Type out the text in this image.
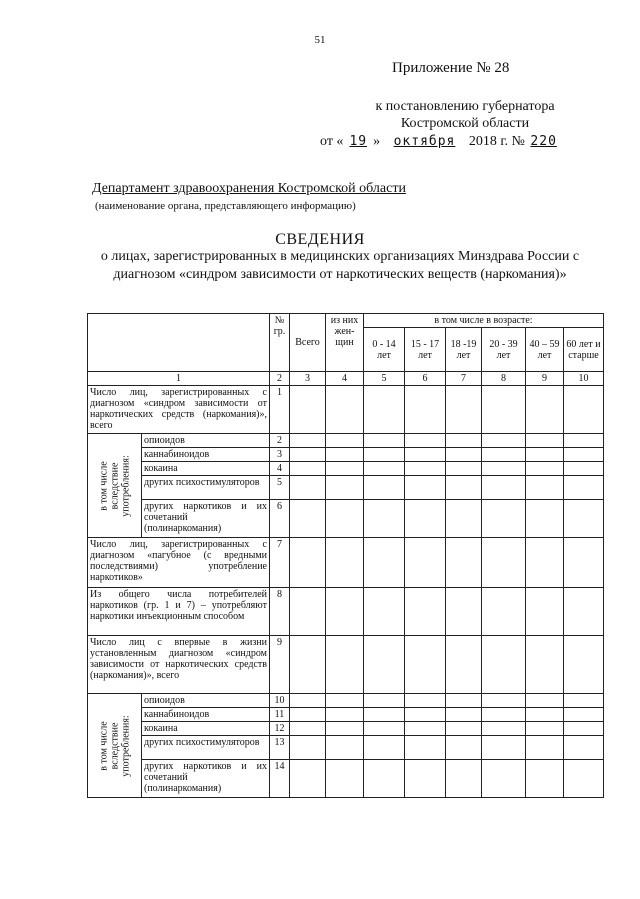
51
Приложение № 28
к постановлению губернатора
Костромской области
от « 19 » октября 2018 г. № 220
Департамент здравоохранения Костромской области
(наименование органа, представляющего информацию)
СВЕДЕНИЯ
о лицах, зарегистрированных в медицинских организациях Минздрава России с диагнозом «синдром зависимости от наркотических веществ (наркомания)»
		№ гр.	Всего	из них жен-щин	в том числе в возрасте:					
					0 - 14 лет	15 - 17 лет	18 -19 лет	20 - 39 лет	40 – 59 лет	60 лет и старше
1		2	3	4	5	6	7	8	9	10
Число лиц, зарегистрированных с диагнозом «синдром зависимости от наркотических средств (наркомания)», всего		1								

в том числе вследствие употребления:	опиоидов	2								
	каннабиноидов	3								
	кокаина	4								
	других психостимуляторов	5								
	других наркотиков и их сочетаний (полинаркомания)	6								
Число лиц, зарегистрированных с диагнозом «пагубное (с вредными последствиями) употребление наркотиков»		7								
Из общего числа потребителей наркотиков (гр. 1 и 7) – употребляют наркотики инъекционным способом		8								
Число лиц с впервые в жизни установленным диагнозом «синдром зависимости от наркотических средств (наркомания)», всего		9								

в том числе вследствие употребления:	опиоидов	10								
	каннабиноидов	11								
	кокаина	12								
	других психостимуляторов	13								
	других наркотиков и их сочетаний (полинаркомания)	14								
